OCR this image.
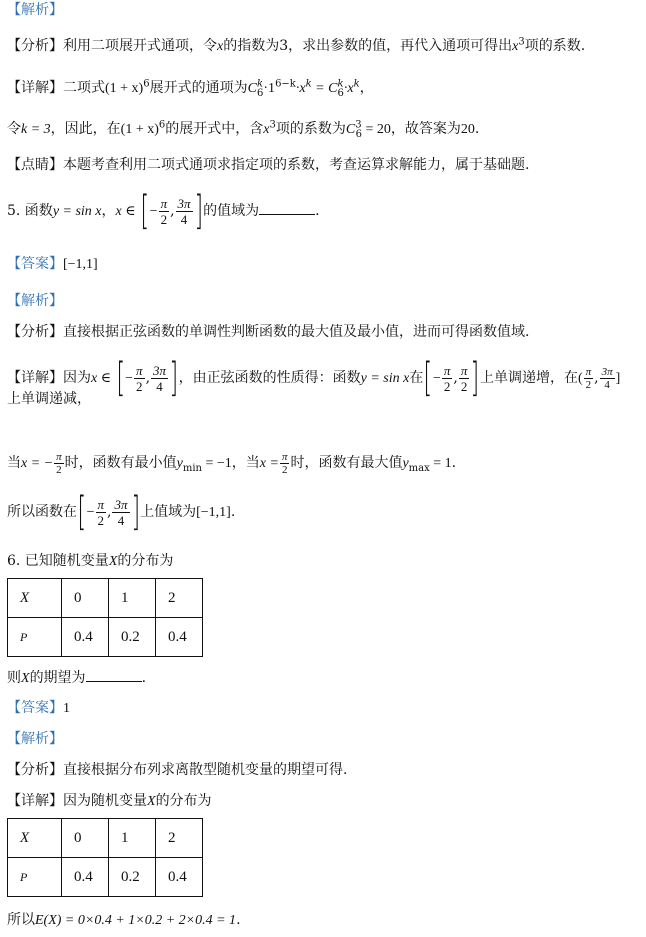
【解析】
【分析】利用二项展开式通项，令x的指数为3，求出参数的值，再代入通项可得出$x^3$项的系数.
【详解】二项式$(1 + x)^6$展开式的通项为$C^k_6\cdot 1^{6-k}\cdot x^k = C^k_6\cdot x^k$，
令k = 3，因此，在$(1 + x)^6$的展开式中，含$x^3$项的系数为$C^3_6 = 20$，故答案为20.
【点睛】本题考查利用二项式通项求指定项的系数，考查运算求解能力，属于基础题.
5. 函数y = sin x，x ∈ [− $\frac{\pi}{2}$ , $\frac{3\pi}{4}$ ]的值域为	.
【答案】[−1,1]
【解析】
【分析】直接根据正弦函数的单调性判断函数的最大值及最小值，进而可得函数值域.
【详解】因为x ∈ [− $\frac{\pi}{2}$ , $\frac{3\pi}{4}$ ]，由正弦函数的性质得：函数y = sin x在[− $\frac{\pi}{2}$ , $\frac{\pi}{2}$ ]上单调递增，在( $\frac{\pi}{2}$ , $\frac{3\pi}{4}$ ]
上单调递减，
当x = − $\frac{\pi}{2}$ 时，函数有最小值$y_{min} = -1$，当$x = \frac{\pi}{2}$ 时，函数有最大值$y_{max} = 1$.
所以函数在[− $\frac{\pi}{2}$ , $\frac{3\pi}{4}$ ]上值域为[−1,1].
6. 已知随机变量X的分布为
X	0	1	2
P	0.4	0.2	0.4
则X的期望为	.
【答案】1
【解析】
【分析】直接根据分布列求离散型随机变量的期望可得.
【详解】因为随机变量X的分布为
X	0	1	2
P	0.4	0.2	0.4
所以E(X) = 0×0.4 + 1×0.2 + 2×0.4 = 1.
